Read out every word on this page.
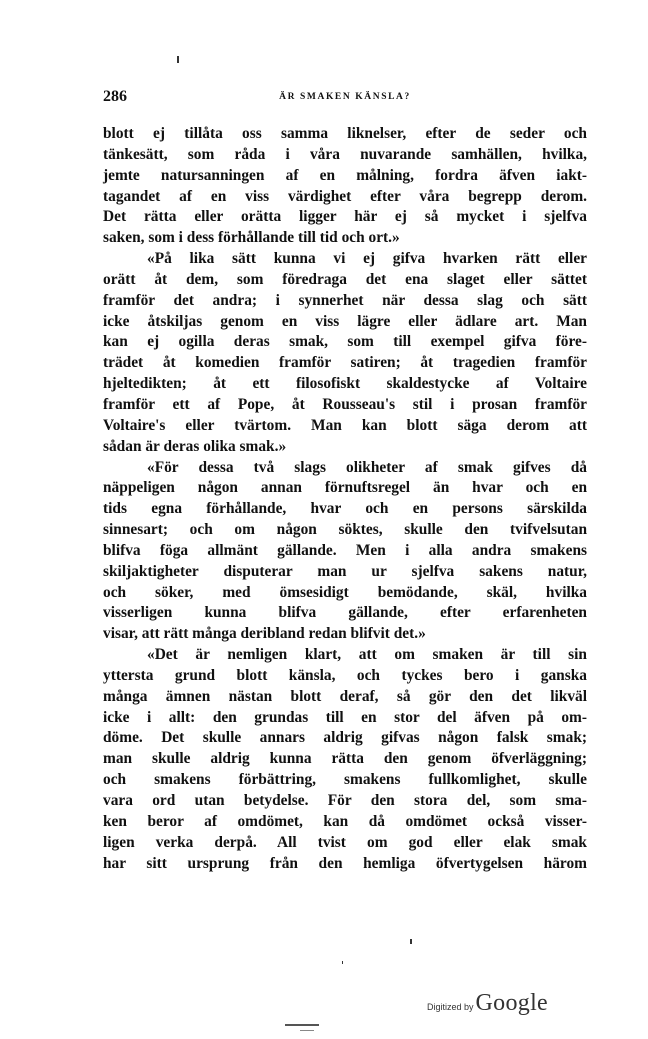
286	ÄR SMAKEN KÄNSLA?
blott ej tillåta oss samma liknelser, efter de seder och
tänkesätt, som råda i våra nuvarande samhällen, hvilka,
jemte natursanningen af en målning, fordra äfven iakt-
tagandet af en viss värdighet efter våra begrepp derom.
Det rätta eller orätta ligger här ej så mycket i sjelfva
saken, som i dess förhållande till tid och ort.»
«På lika sätt kunna vi ej gifva hvarken rätt eller
orätt åt dem, som föredraga det ena slaget eller sättet
framför det andra; i synnerhet när dessa slag och sätt
icke åtskiljas genom en viss lägre eller ädlare art. Man
kan ej ogilla deras smak, som till exempel gifva före-
trädet åt komedien framför satiren; åt tragedien framför
hjeltedikten; åt ett filosofiskt skaldestycke af Voltaire
framför ett af Pope, åt Rousseau's stil i prosan framför
Voltaire's eller tvärtom. Man kan blott säga derom att
sådan är deras olika smak.»
«För dessa två slags olikheter af smak gifves då
näppeligen någon annan förnuftsregel än hvar och en
tids egna förhållande, hvar och en persons särskilda
sinnesart; och om någon söktes, skulle den tvifvelsutan
blifva föga allmänt gällande. Men i alla andra smakens
skiljaktigheter disputerar man ur sjelfva sakens natur,
och söker, med ömsesidigt bemödande, skäl, hvilka
visserligen kunna blifva gällande, efter erfarenheten
visar, att rätt många deribland redan blifvit det.»
«Det är nemligen klart, att om smaken är till sin
yttersta grund blott känsla, och tyckes bero i ganska
många ämnen nästan blott deraf, så gör den det likväl
icke i allt: den grundas till en stor del äfven på om-
döme. Det skulle annars aldrig gifvas någon falsk smak;
man skulle aldrig kunna rätta den genom öfverläggning;
och smakens förbättring, smakens fullkomlighet, skulle
vara ord utan betydelse. För den stora del, som sma-
ken beror af omdömet, kan då omdömet också visser-
ligen verka derpå. All tvist om god eller elak smak
har sitt ursprung från den hemliga öfvertygelsen härom
Digitized by Google
